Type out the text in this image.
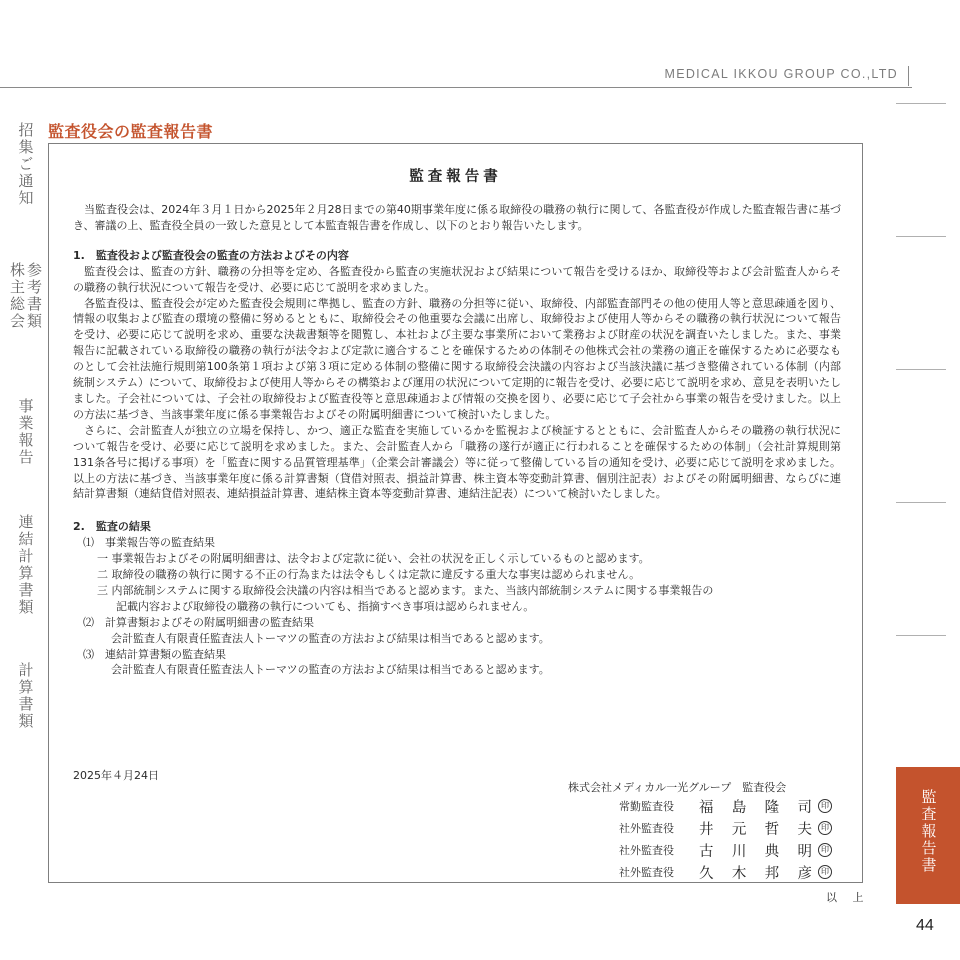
MEDICAL IKKOU GROUP CO.,LTD
監査役会の監査報告書
監査報告書

当監査役会は、2024年３月１日から2025年２月28日までの第40期事業年度に係る取締役の職務の執行に関して、各監査役が作成した監査報告書に基づき、審議の上、監査役全員の一致した意見として本監査報告書を作成し、以下のとおり報告いたします。

1.　監査役および監査役会の監査の方法およびその内容

監査役会は、監査の方針、職務の分担等を定め、各監査役から監査の実施状況および結果について報告を受けるほか、取締役等および会計監査人からその職務の執行状況について報告を受け、必要に応じて説明を求めました。

各監査役は、監査役会が定めた監査役会規則に準拠し、監査の方針、職務の分担等に従い、取締役、内部監査部門その他の使用人等と意思疎通を図り、情報の収集および監査の環境の整備に努めるとともに、取締役会その他重要な会議に出席し、取締役および使用人等からその職務の執行状況について報告を受け、必要に応じて説明を求め、重要な決裁書類等を閲覧し、本社および主要な事業所において業務および財産の状況を調査いたしました。また、事業報告に記載されている取締役の職務の執行が法令および定款に適合することを確保するための体制その他株式会社の業務の適正を確保するために必要なものとして会社法施行規則第100条第１項および第３項に定める体制の整備に関する取締役会決議の内容および当該決議に基づき整備されている体制（内部統制システム）について、取締役および使用人等からその構築および運用の状況について定期的に報告を受け、必要に応じて説明を求め、意見を表明いたしました。子会社については、子会社の取締役および監査役等と意思疎通および情報の交換を図り、必要に応じて子会社から事業の報告を受けました。以上の方法に基づき、当該事業年度に係る事業報告およびその附属明細書について検討いたしました。

さらに、会計監査人が独立の立場を保持し、かつ、適正な監査を実施しているかを監視および検証するとともに、会計監査人からその職務の執行状況について報告を受け、必要に応じて説明を求めました。また、会計監査人から「職務の遂行が適正に行われることを確保するための体制」（会社計算規則第131条各号に掲げる事項）を「監査に関する品質管理基準」（企業会計審議会）等に従って整備している旨の通知を受け、必要に応じて説明を求めました。以上の方法に基づき、当該事業年度に係る計算書類（貸借対照表、損益計算書、株主資本等変動計算書、個別注記表）およびその附属明細書、ならびに連結計算書類（連結貸借対照表、連結損益計算書、連結株主資本等変動計算書、連結注記表）について検討いたしました。

2.　監査の結果

⑴　事業報告等の監査結果

一 事業報告およびその附属明細書は、法令および定款に従い、会社の状況を正しく示しているものと認めます。

二 取締役の職務の執行に関する不正の行為または法令もしくは定款に違反する重大な事実は認められません。

三 内部統制システムに関する取締役会決議の内容は相当であると認めます。また、当該内部統制システムに関する事業報告の

記載内容および取締役の職務の執行についても、指摘すべき事項は認められません。

⑵　計算書類およびその附属明細書の監査結果

会計監査人有限責任監査法人トーマツの監査の方法および結果は相当であると認めます。

⑶　連結計算書類の監査結果

会計監査人有限責任監査法人トーマツの監査の方法および結果は相当であると認めます。

2025年４月24日
株式会社メディカル一光グループ　監査役会
常勤監査役	福 島 隆 司	印
社外監査役	井 元 哲 夫	印
社外監査役	古 川 典 明	印
社外監査役	久 木 邦 彦	印
以 上
招集ご通知
株主総会 参考書類
事業報告
連結計算書類
計算書類
監査報告書
44
